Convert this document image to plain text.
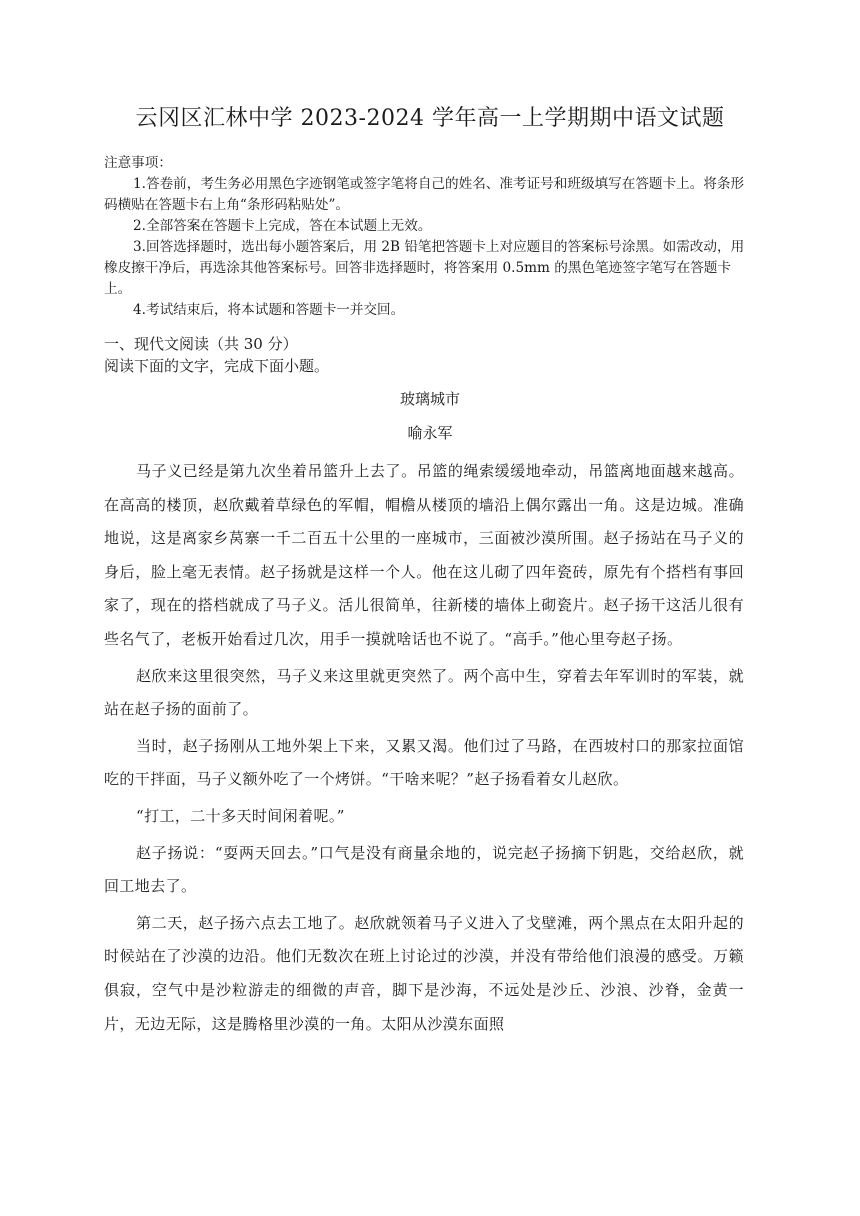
云冈区汇林中学 2023-2024 学年高一上学期期中语文试题

注意事项：

1.答卷前，考生务必用黑色字迹钢笔或签字笔将自己的姓名、准考证号和班级填写在答题卡上。将条形码横贴在答题卡右上角“条形码粘贴处”。

2.全部答案在答题卡上完成，答在本试题上无效。

3.回答选择题时，选出每小题答案后，用 2B 铅笔把答题卡上对应题目的答案标号涂黑。如需改动，用橡皮擦干净后，再选涂其他答案标号。回答非选择题时，将答案用 0.5mm 的黑色笔迹签字笔写在答题卡上。

4.考试结束后，将本试题和答题卡一并交回。

一、现代文阅读（共 30 分）

阅读下面的文字，完成下面小题。

玻璃城市
喻永军

马子义已经是第九次坐着吊篮升上去了。吊篮的绳索缓缓地牵动，吊篮离地面越来越高。在高高的楼顶，赵欣戴着草绿色的军帽，帽檐从楼顶的墙沿上偶尔露出一角。这是边城。准确地说，这是离家乡莴寨一千二百五十公里的一座城市，三面被沙漠所围。赵子扬站在马子义的身后，脸上毫无表情。赵子扬就是这样一个人。他在这儿砌了四年瓷砖，原先有个搭档有事回家了，现在的搭档就成了马子义。活儿很简单，往新楼的墙体上砌瓷片。赵子扬干这活儿很有些名气了，老板开始看过几次，用手一摸就啥话也不说了。“高手。”他心里夸赵子扬。

赵欣来这里很突然，马子义来这里就更突然了。两个高中生，穿着去年军训时的军装，就站在赵子扬的面前了。

当时，赵子扬刚从工地外架上下来，又累又渴。他们过了马路，在西坡村口的那家拉面馆吃的干拌面，马子义额外吃了一个烤饼。“干啥来呢？”赵子扬看着女儿赵欣。

“打工，二十多天时间闲着呢。”

赵子扬说：“耍两天回去。”口气是没有商量余地的，说完赵子扬摘下钥匙，交给赵欣，就回工地去了。

第二天，赵子扬六点去工地了。赵欣就领着马子义进入了戈壁滩，两个黑点在太阳升起的时候站在了沙漠的边沿。他们无数次在班上讨论过的沙漠，并没有带给他们浪漫的感受。万籁俱寂，空气中是沙粒游走的细微的声音，脚下是沙海，不远处是沙丘、沙浪、沙脊，金黄一片，无边无际，这是腾格里沙漠的一角。太阳从沙漠东面照
